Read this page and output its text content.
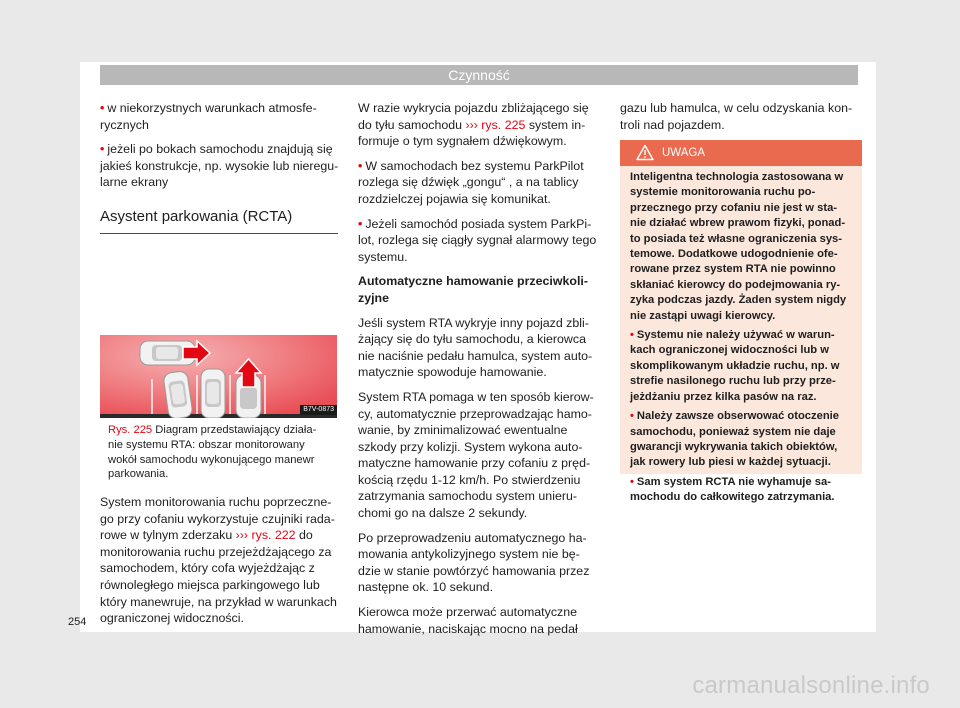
Czynność

• w niekorzystnych warunkach atmosfe-
rycznych

• jeżeli po bokach samochodu znajdują się
jakieś konstrukcje, np. wysokie lub nieregu-
larne ekrany

Asystent parkowania (RCTA)
B7V-0873
Rys. 225 Diagram przedstawiający działa-
nie systemu RTA: obszar monitorowany
wokół samochodu wykonującego manewr
parkowania.
System monitorowania ruchu poprzeczne-
go przy cofaniu wykorzystuje czujniki rada-
rowe w tylnym zderzaku ››› rys. 222 do
monitorowania ruchu przejeżdżającego za
samochodem, który cofa wyjeżdżając z
równoległego miejsca parkingowego lub
który manewruje, na przykład w warunkach
ograniczonej widoczności.

W razie wykrycia pojazdu zbliżającego się
do tyłu samochodu ››› rys. 225 system in-
formuje o tym sygnałem dźwiękowym.

• W samochodach bez systemu ParkPilot
rozlega się dźwięk „gongu“ , a na tablicy
rozdzielczej pojawia się komunikat.

• Jeżeli samochód posiada system ParkPi-
lot, rozlega się ciągły sygnał alarmowy tego
systemu.

Automatyczne hamowanie przeciwkoli-
zyjne

Jeśli system RTA wykryje inny pojazd zbli-
żający się do tyłu samochodu, a kierowca
nie naciśnie pedału hamulca, system auto-
matycznie spowoduje hamowanie.

System RTA pomaga w ten sposób kierow-
cy, automatycznie przeprowadzając hamo-
wanie, by zminimalizować ewentualne
szkody przy kolizji. System wykona auto-
matyczne hamowanie przy cofaniu z pręd-
kością rzędu 1-12 km/h. Po stwierdzeniu
zatrzymania samochodu system unieru-
chomi go na dalsze 2 sekundy.

Po przeprowadzeniu automatycznego ha-
mowania antykolizyjnego system nie bę-
dzie w stanie powtórzyć hamowania przez
następne ok. 10 sekund.

Kierowca może przerwać automatyczne
hamowanie, naciskając mocno na pedał

gazu lub hamulca, w celu odzyskania kon-
troli nad pojazdem.
UWAGA

Inteligentna technologia zastosowana w
systemie monitorowania ruchu po-
przecznego przy cofaniu nie jest w sta-
nie działać wbrew prawom fizyki, ponad-
to posiada też własne ograniczenia sys-
temowe. Dodatkowe udogodnienie ofe-
rowane przez system RTA nie powinno
skłaniać kierowcy do podejmowania ry-
zyka podczas jazdy. Żaden system nigdy
nie zastąpi uwagi kierowcy.

• Systemu nie należy używać w warun-
kach ograniczonej widoczności lub w
skomplikowanym układzie ruchu, np. w
strefie nasilonego ruchu lub przy prze-
jeżdżaniu przez kilka pasów na raz.

• Należy zawsze obserwować otoczenie
samochodu, ponieważ system nie daje
gwarancji wykrywania takich obiektów,
jak rowery lub piesi w każdej sytuacji.

• Sam system RCTA nie wyhamuje sa-
mochodu do całkowitego zatrzymania.

254
carmanualsonline.info
